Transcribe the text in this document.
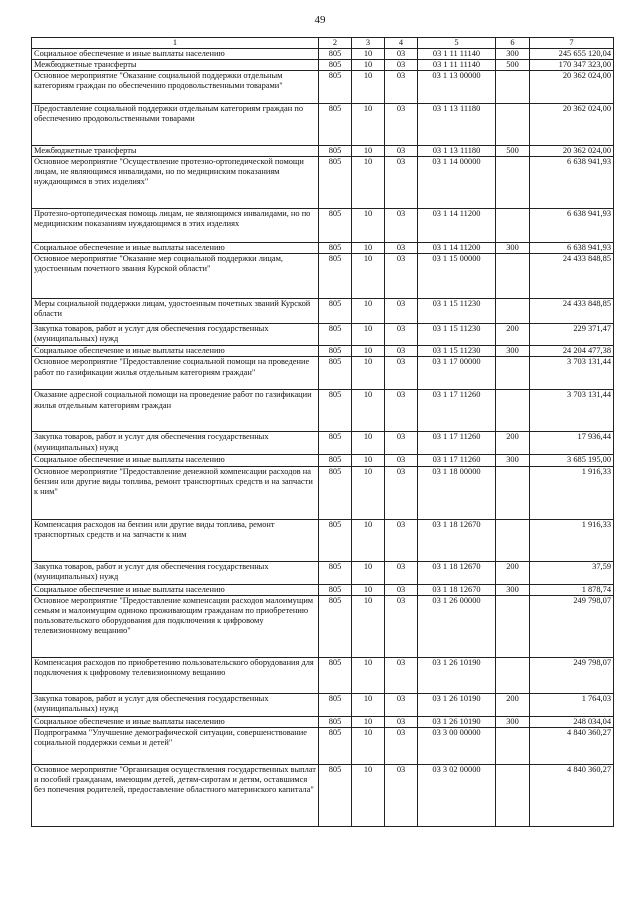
49
1	2	3	4	5	6	7
Социальное обеспечение и иные выплаты населению	805	10	03	03 1 11 11140	300	245 655 120,04
Межбюджетные трансферты	805	10	03	03 1 11 11140	500	170 347 323,00
Основное мероприятие "Оказание социальной поддержки отдельным категориям граждан по обеспечению продовольственными товарами"	805	10	03	03 1 13 00000		20 362 024,00
Предоставление социальной поддержки отдельным категориям граждан по обеспечению продовольственными товарами	805	10	03	03 1 13 11180		20 362 024,00
Межбюджетные трансферты	805	10	03	03 1 13 11180	500	20 362 024,00
Основное мероприятие "Осуществление протезно-ортопедической помощи лицам, не являющимся инвалидами, но по медицинским показаниям нуждающимся в этих изделиях"	805	10	03	03 1 14 00000		6 638 941,93
Протезно-ортопедическая помощь лицам, не являющимся инвалидами, но по медицинским показаниям нуждающимся в этих изделиях	805	10	03	03 1 14 11200		6 638 941,93
Социальное обеспечение и иные выплаты населению	805	10	03	03 1 14 11200	300	6 638 941,93
Основное мероприятие "Оказание мер социальной поддержки лицам, удостоенным почетного звания Курской области"	805	10	03	03 1 15 00000		24 433 848,85
Меры социальной поддержки лицам, удостоенным почетных званий Курской области	805	10	03	03 1 15 11230		24 433 848,85
Закупка товаров, работ и услуг для обеспечения государственных (муниципальных) нужд	805	10	03	03 1 15 11230	200	229 371,47
Социальное обеспечение и иные выплаты населению	805	10	03	03 1 15 11230	300	24 204 477,38
Основное мероприятие "Предоставление социальной помощи на проведение работ по газификации жилья отдельным категориям граждан"	805	10	03	03 1 17 00000		3 703 131,44
Оказание адресной социальной помощи на проведение работ по газификации жилья отдельным категориям граждан	805	10	03	03 1 17 11260		3 703 131,44
Закупка товаров, работ и услуг для обеспечения государственных (муниципальных) нужд	805	10	03	03 1 17 11260	200	17 936,44
Социальное обеспечение и иные выплаты населению	805	10	03	03 1 17 11260	300	3 685 195,00
Основное мероприятие "Предоставление денежной компенсации расходов на бензин или другие виды топлива, ремонт транспортных средств и на запчасти к ним"	805	10	03	03 1 18 00000		1 916,33
Компенсация расходов на бензин или другие виды топлива, ремонт транспортных средств и на запчасти к ним	805	10	03	03 1 18 12670		1 916,33
Закупка товаров, работ и услуг для обеспечения государственных (муниципальных) нужд	805	10	03	03 1 18 12670	200	37,59
Социальное обеспечение и иные выплаты населению	805	10	03	03 1 18 12670	300	1 878,74
Основное мероприятие "Предоставление компенсации расходов малоимущим семьям и малоимущим одиноко проживающим гражданам по приобретению пользовательского оборудования для подключения к цифровому телевизионному вещанию"	805	10	03	03 1 26 00000		249 798,07
Компенсация расходов по приобретению пользовательского оборудования для подключения к цифровому телевизионному вещанию	805	10	03	03 1 26 10190		249 798,07
Закупка товаров, работ и услуг для обеспечения государственных (муниципальных) нужд	805	10	03	03 1 26 10190	200	1 764,03
Социальное обеспечение и иные выплаты населению	805	10	03	03 1 26 10190	300	248 034,04
Подпрограмма "Улучшение демографической ситуации, совершенствование социальной поддержки семьи и детей"	805	10	03	03 3 00 00000		4 840 360,27
Основное мероприятие "Организация осуществления государственных выплат и пособий гражданам, имеющим детей, детям-сиротам и детям, оставшимся без попечения родителей, предоставление областного материнского капитала"	805	10	03	03 3 02 00000		4 840 360,27
